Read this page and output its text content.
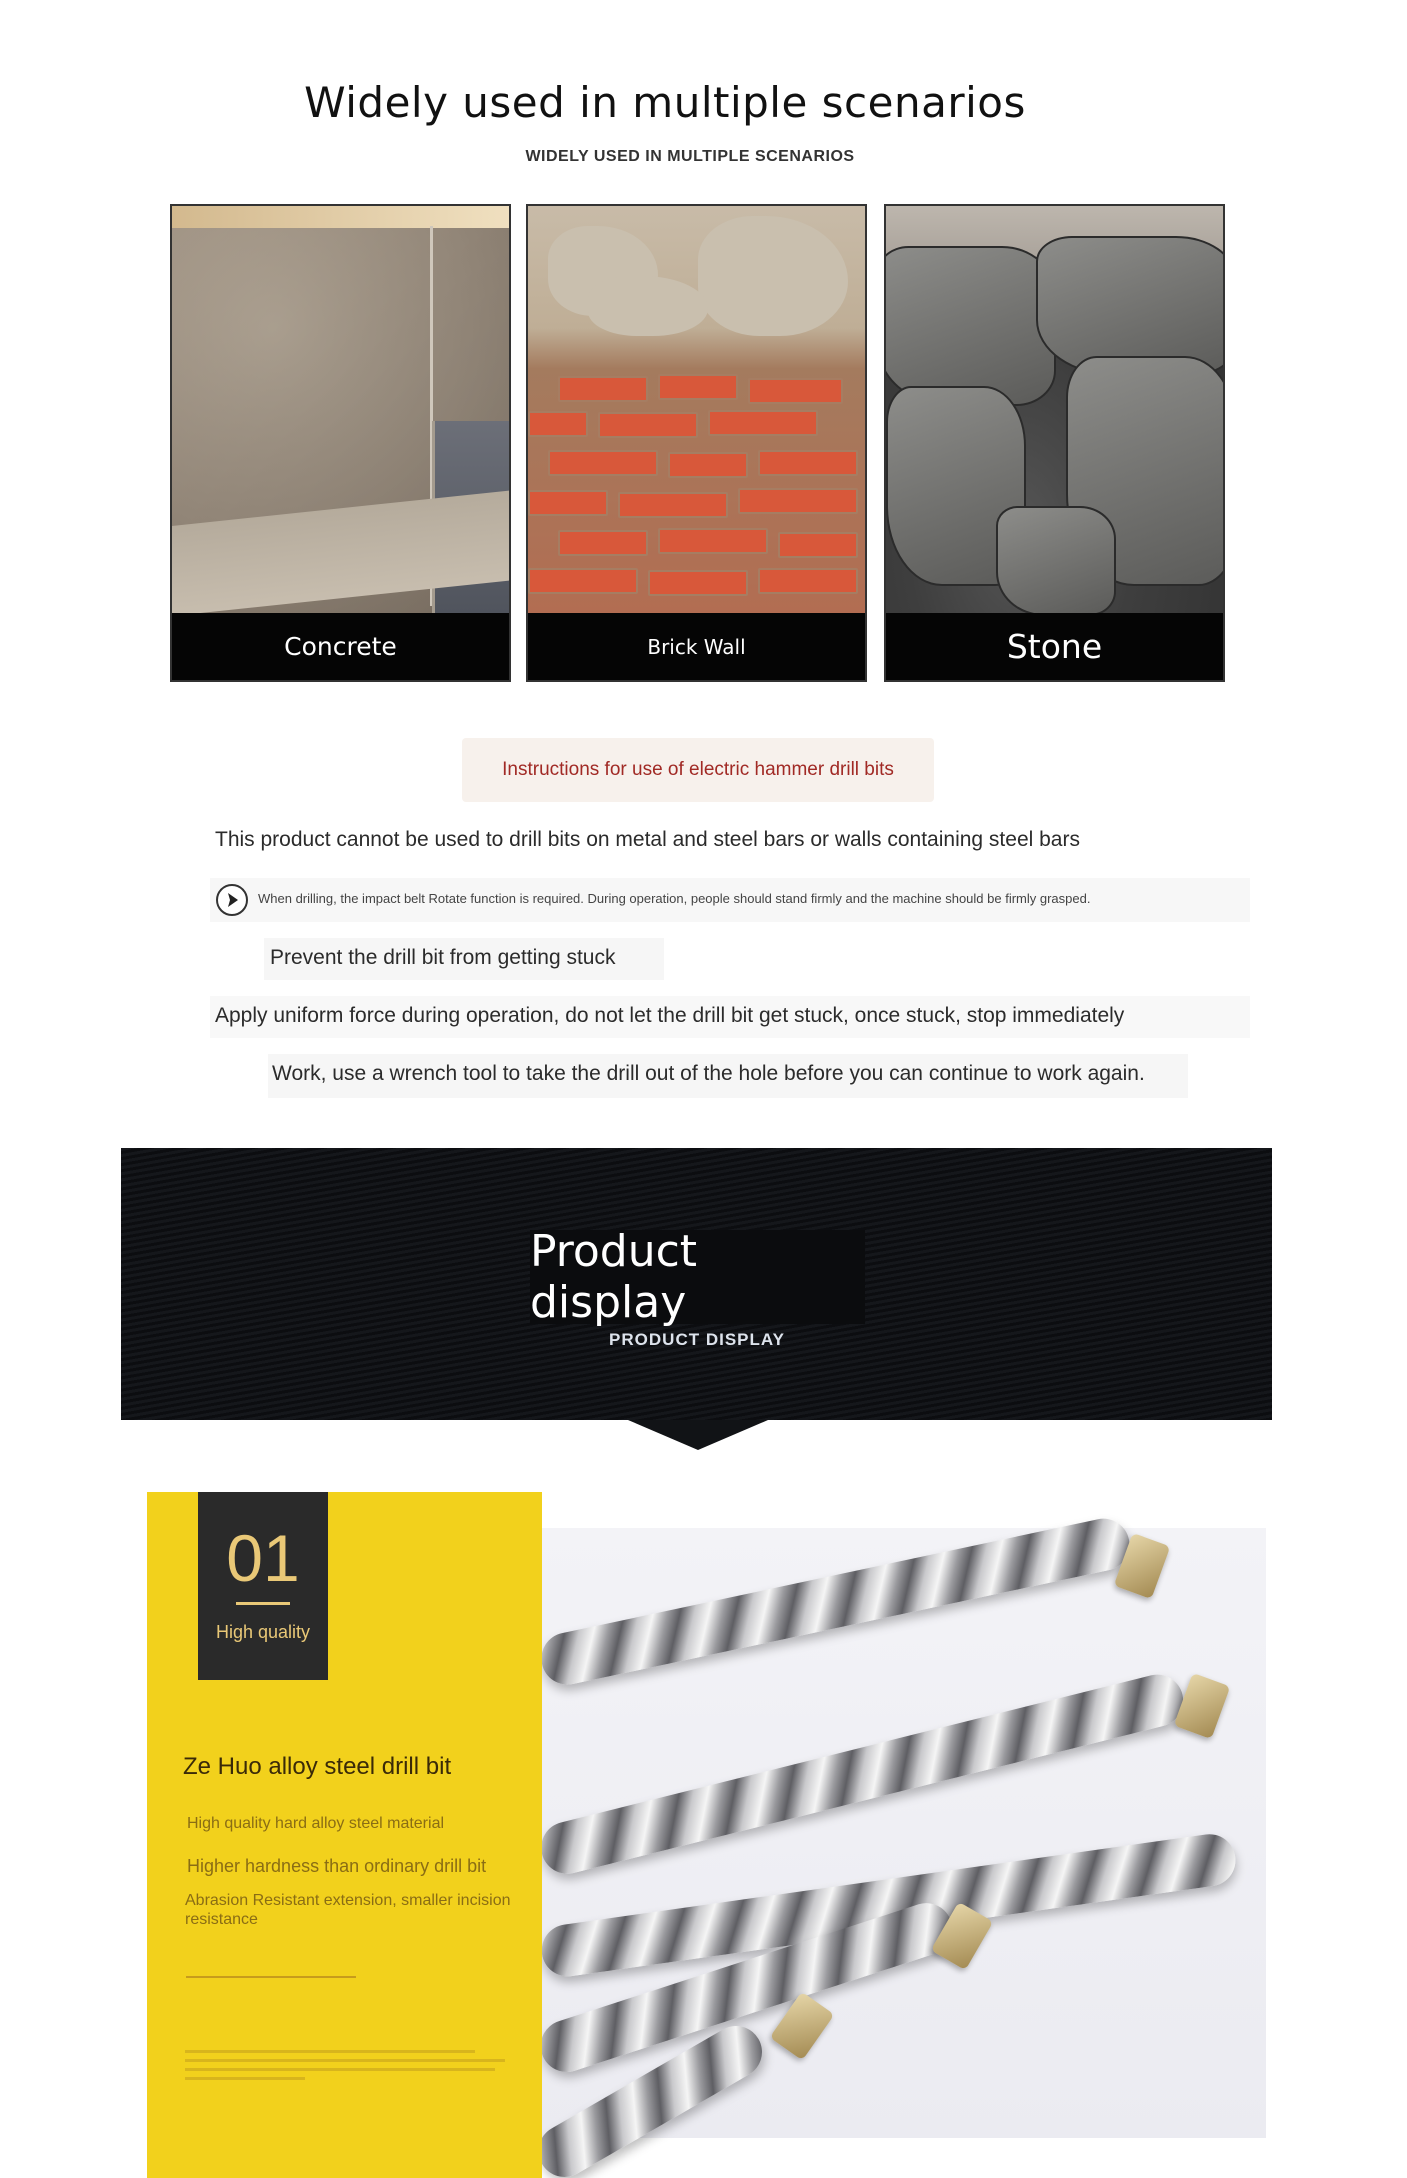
Widely used in multiple scenarios
WIDELY USED IN MULTIPLE SCENARIOS
Concrete	Brick Wall	Stone
Instructions for use of electric hammer drill bits
This product cannot be used to drill bits on metal and steel bars or walls containing steel bars
When drilling, the impact belt Rotate function is required. During operation, people should stand firmly and the machine should be firmly grasped.
Prevent the drill bit from getting stuck
Apply uniform force during operation, do not let the drill bit get stuck, once stuck, stop immediately
Work, use a wrench tool to take the drill out of the hole before you can continue to work again.
Product display
PRODUCT DISPLAY
01
High quality
Ze Huo alloy steel drill bit
High quality hard alloy steel material
Higher hardness than ordinary drill bit
Abrasion Resistant extension, smaller incision resistance
